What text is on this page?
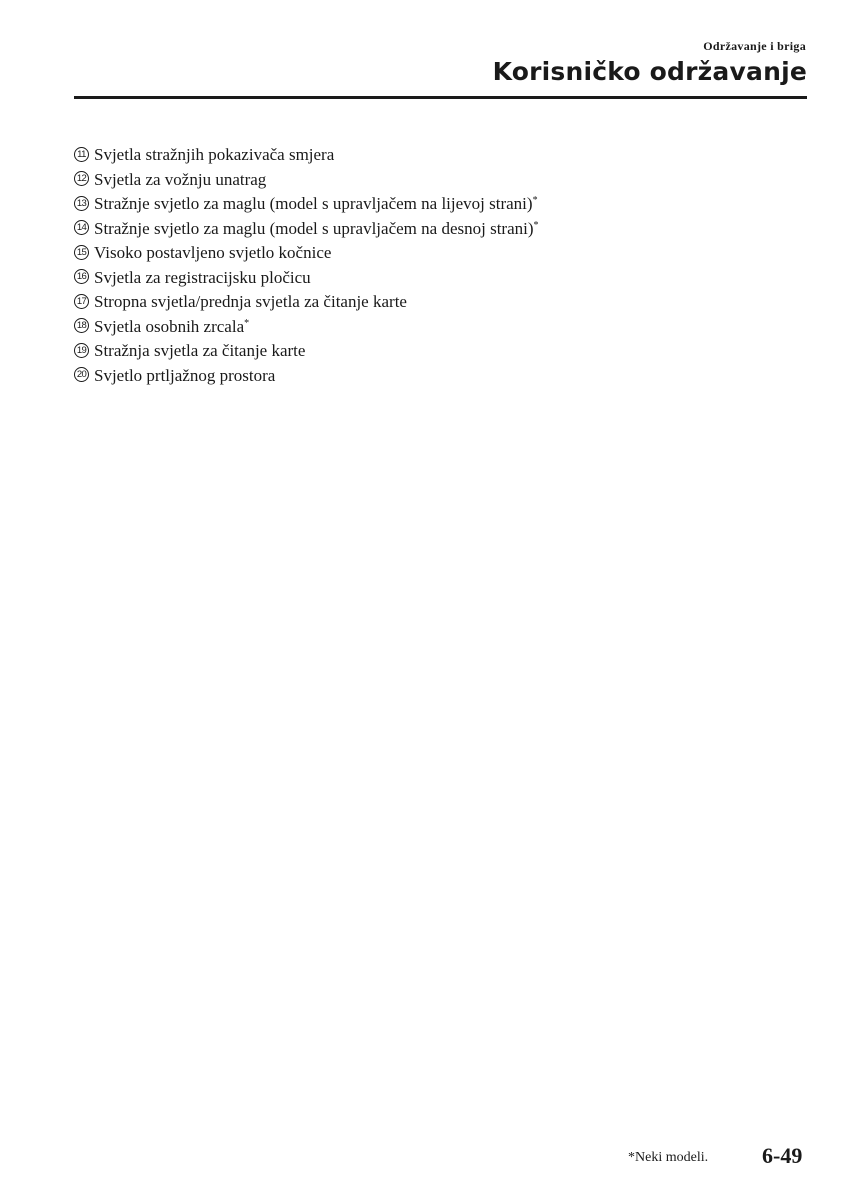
Održavanje i briga
Korisničko održavanje
11 Svjetla stražnjih pokazivača smjera
12 Svjetla za vožnju unatrag
13 Stražnje svjetlo za maglu (model s upravljačem na lijevoj strani)*
14 Stražnje svjetlo za maglu (model s upravljačem na desnoj strani)*
15 Visoko postavljeno svjetlo kočnice
16 Svjetla za registracijsku pločicu
17 Stropna svjetla/prednja svjetla za čitanje karte
18 Svjetla osobnih zrcala*
19 Stražnja svjetla za čitanje karte
20 Svjetlo prtljažnog prostora
*Neki modeli. 6-49
